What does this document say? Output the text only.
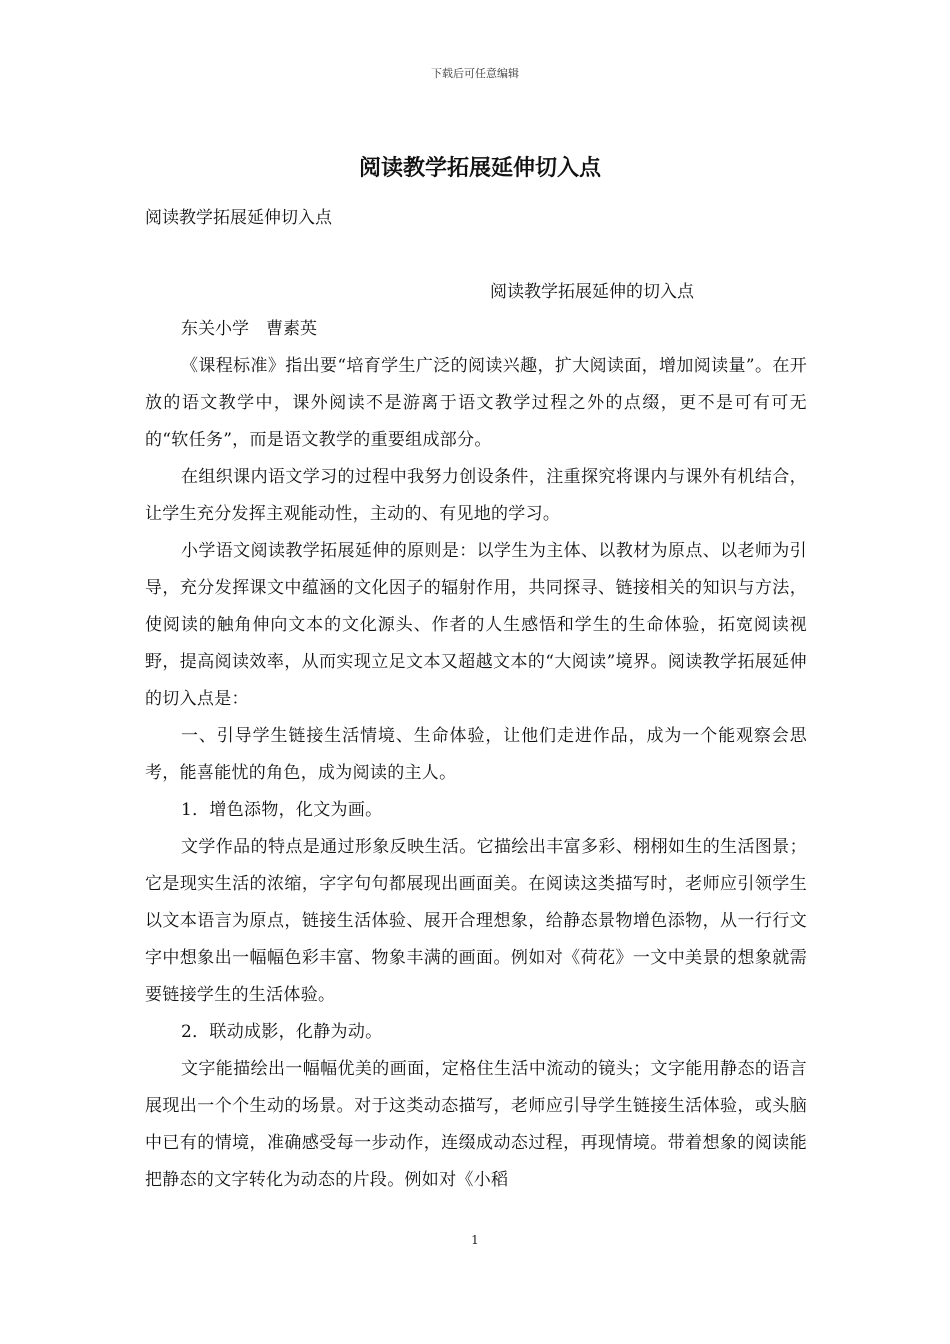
下载后可任意编辑
阅读教学拓展延伸切入点

阅读教学拓展延伸切入点

阅读教学拓展延伸的切入点

东关小学　曹素英

《课程标准》指出要“培育学生广泛的阅读兴趣，扩大阅读面，增加阅读量”。在开放的语文教学中，课外阅读不是游离于语文教学过程之外的点缀，更不是可有可无的“软任务”，而是语文教学的重要组成部分。

在组织课内语文学习的过程中我努力创设条件，注重探究将课内与课外有机结合，让学生充分发挥主观能动性，主动的、有见地的学习。

小学语文阅读教学拓展延伸的原则是：以学生为主体、以教材为原点、以老师为引导，充分发挥课文中蕴涵的文化因子的辐射作用，共同探寻、链接相关的知识与方法，使阅读的触角伸向文本的文化源头、作者的人生感悟和学生的生命体验，拓宽阅读视野，提高阅读效率，从而实现立足文本又超越文本的“大阅读”境界。阅读教学拓展延伸的切入点是：

一、引导学生链接生活情境、生命体验，让他们走进作品，成为一个能观察会思考，能喜能忧的角色，成为阅读的主人。

1．增色添物，化文为画。

文学作品的特点是通过形象反映生活。它描绘出丰富多彩、栩栩如生的生活图景；它是现实生活的浓缩，字字句句都展现出画面美。在阅读这类描写时，老师应引领学生以文本语言为原点，链接生活体验、展开合理想象，给静态景物增色添物，从一行行文字中想象出一幅幅色彩丰富、物象丰满的画面。例如对《荷花》一文中美景的想象就需要链接学生的生活体验。

2．联动成影，化静为动。

文字能描绘出一幅幅优美的画面，定格住生活中流动的镜头；文字能用静态的语言展现出一个个生动的场景。对于这类动态描写，老师应引导学生链接生活体验，或头脑中已有的情境，准确感受每一步动作，连缀成动态过程，再现情境。带着想象的阅读能把静态的文字转化为动态的片段。例如对《小稻

1
